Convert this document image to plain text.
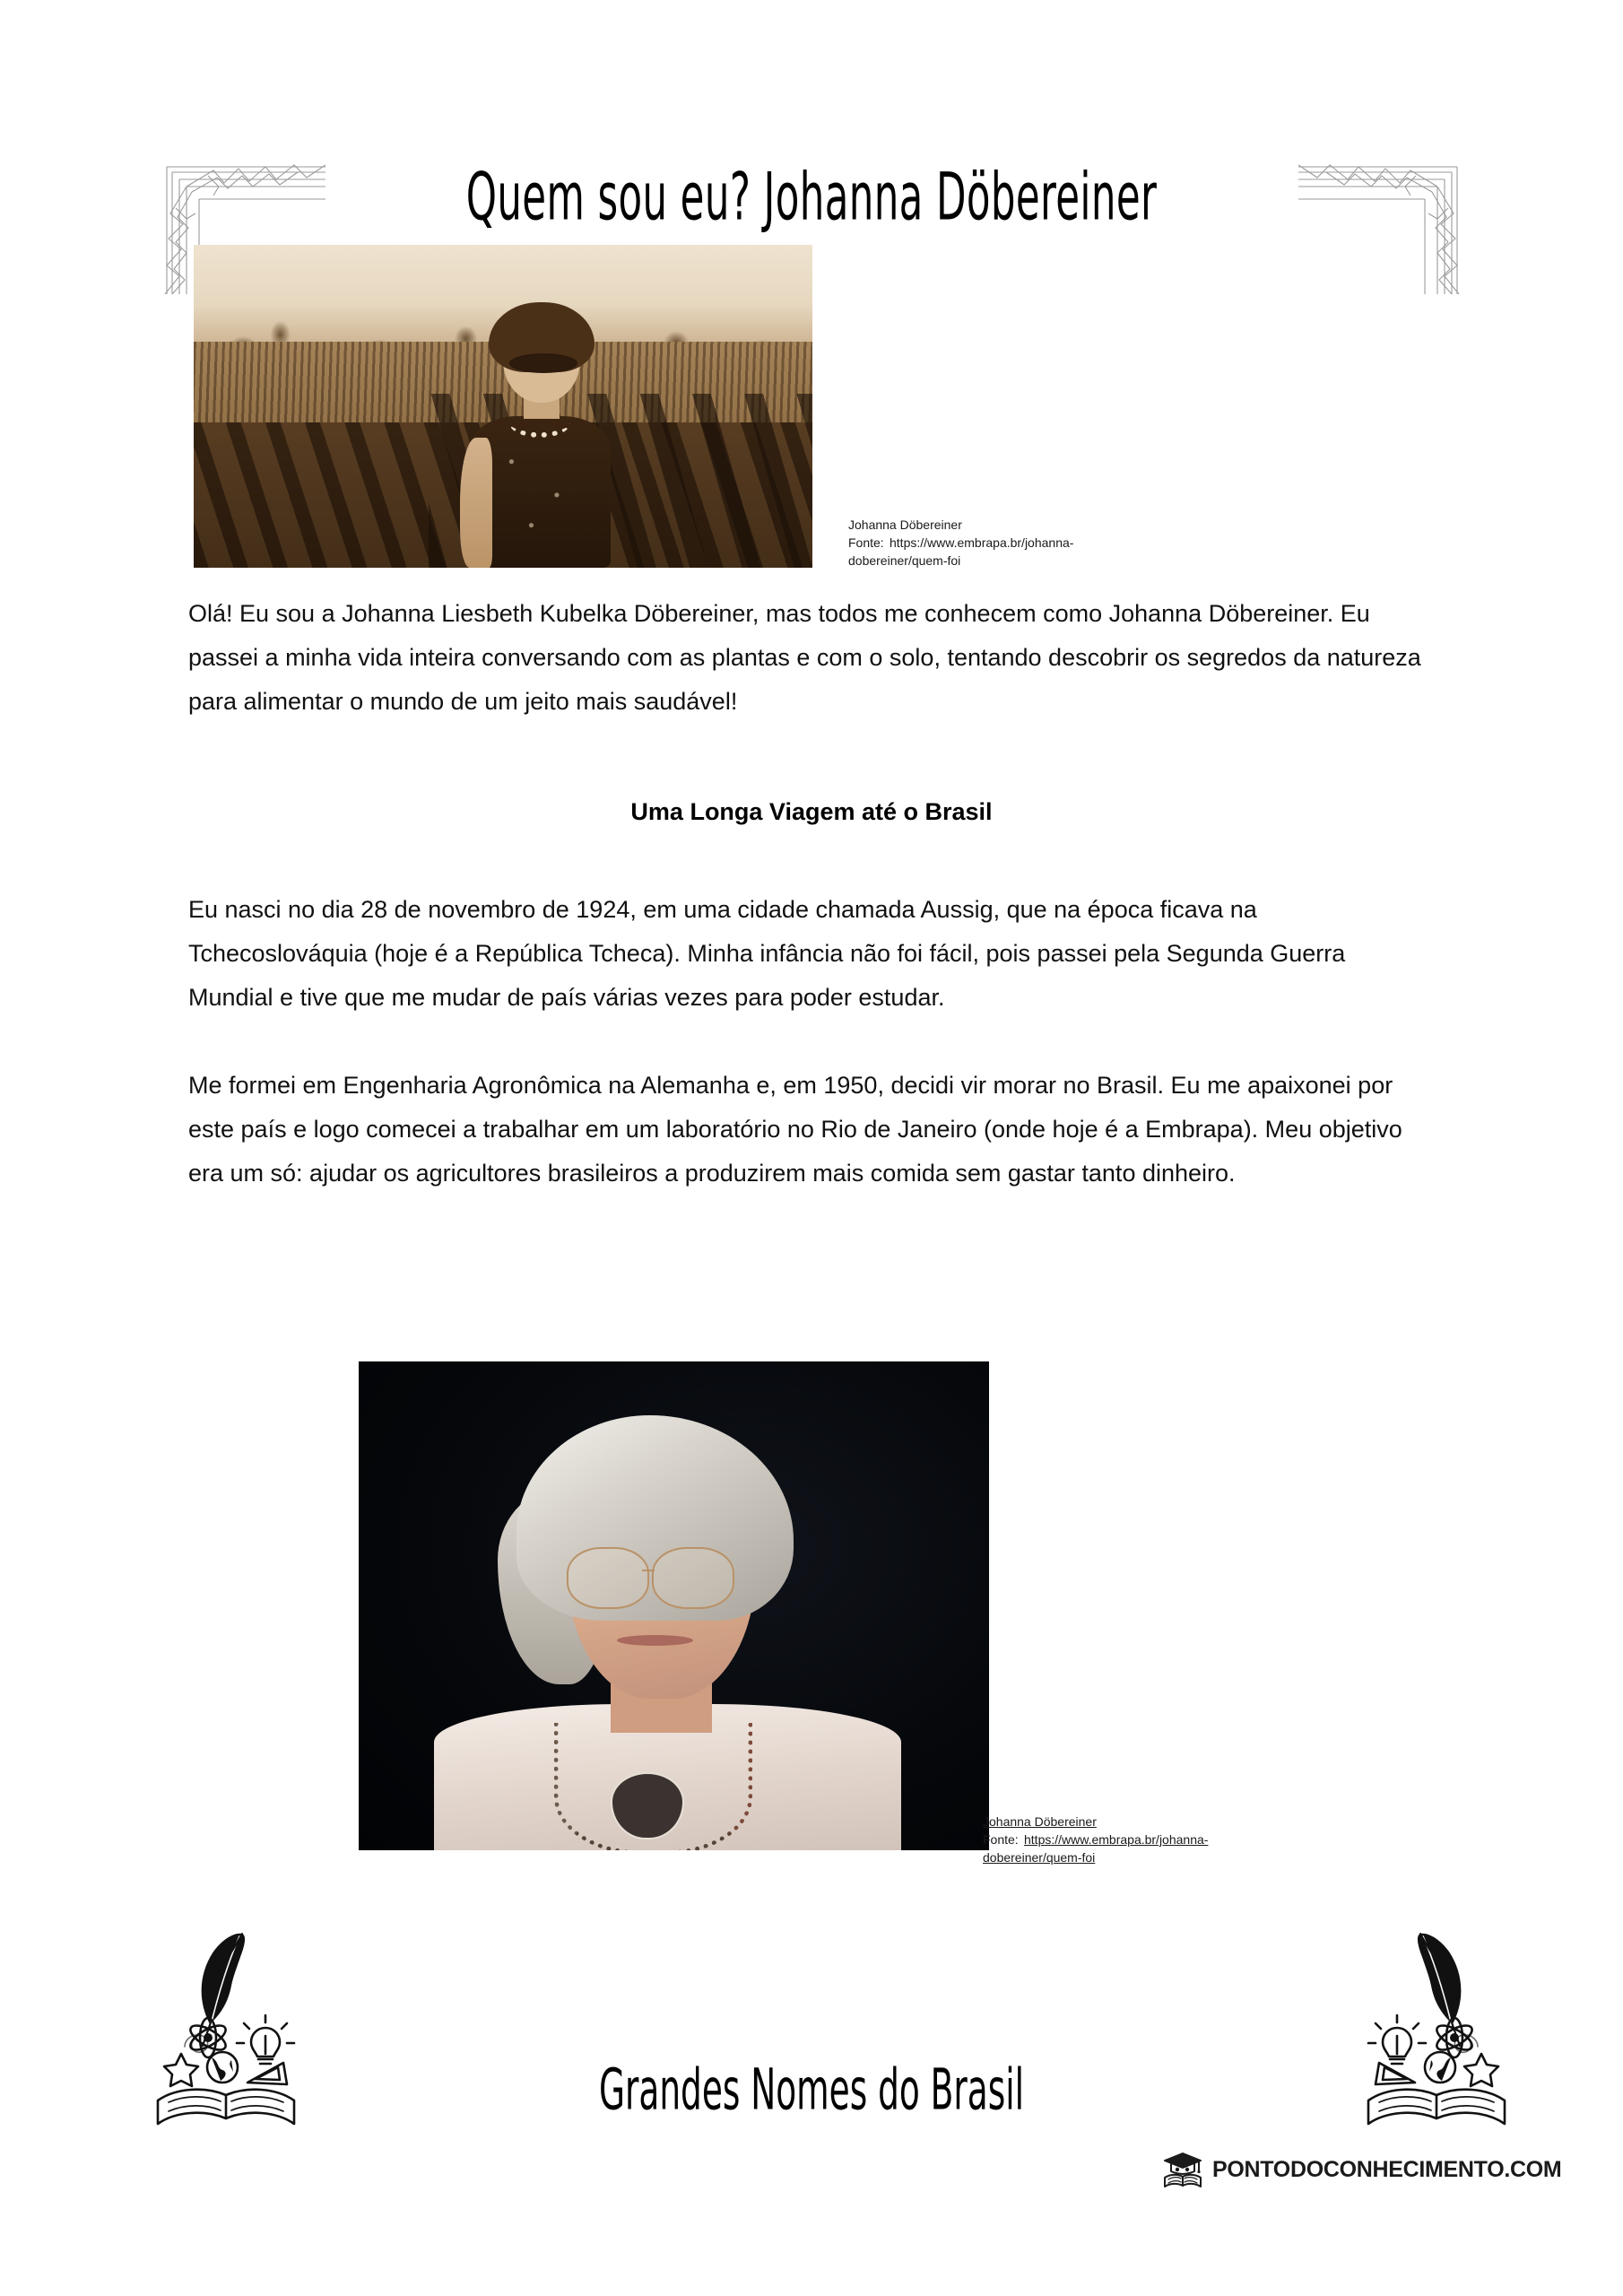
Quem sou eu? Johanna Döbereiner
Johanna Döbereiner
Fonte: https://www.embrapa.br/johanna-dobereiner/quem-foi

Olá! Eu sou a Johanna Liesbeth Kubelka Döbereiner, mas todos me conhecem como Johanna Döbereiner. Eu passei a minha vida inteira conversando com as plantas e com o solo, tentando descobrir os segredos da natureza para alimentar o mundo de um jeito mais saudável!

Uma Longa Viagem até o Brasil

Eu nasci no dia 28 de novembro de 1924, em uma cidade chamada Aussig, que na época ficava na Tchecoslováquia (hoje é a República Tcheca). Minha infância não foi fácil, pois passei pela Segunda Guerra Mundial e tive que me mudar de país várias vezes para poder estudar.

Me formei em Engenharia Agronômica na Alemanha e, em 1950, decidi vir morar no Brasil. Eu me apaixonei por este país e logo comecei a trabalhar em um laboratório no Rio de Janeiro (onde hoje é a Embrapa). Meu objetivo era um só: ajudar os agricultores brasileiros a produzirem mais comida sem gastar tanto dinheiro.

Johanna Döbereiner
Fonte: https://www.embrapa.br/johanna-dobereiner/quem-foi
Grandes Nomes do Brasil
PONTODOCONHECIMENTO.COM
